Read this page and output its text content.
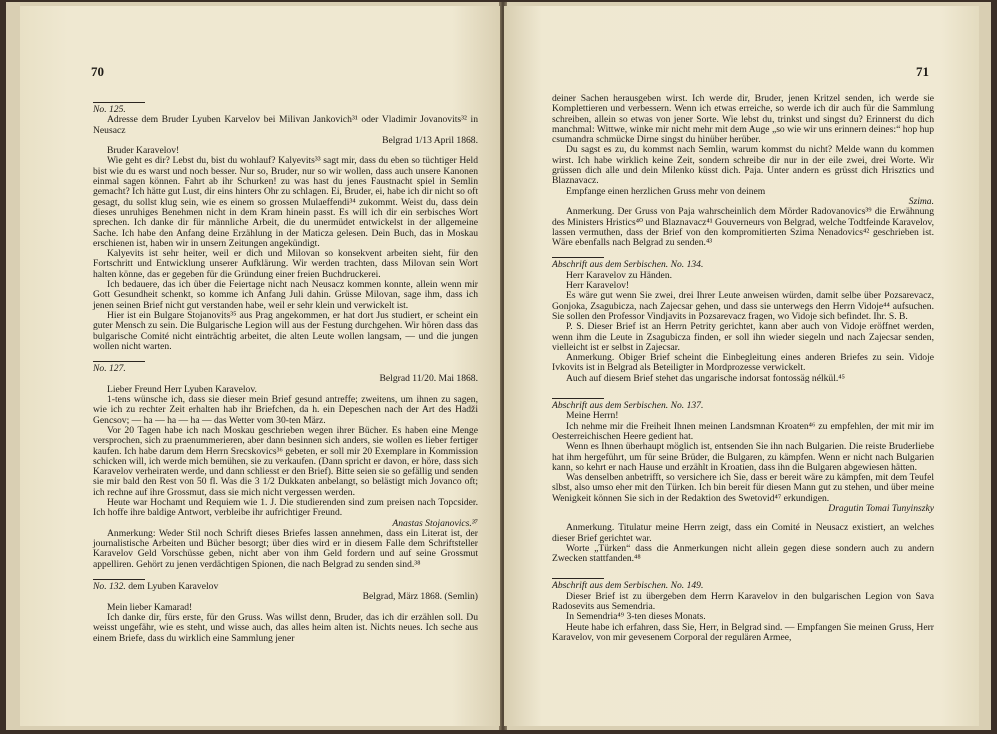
70

No. 125.

Adresse dem Bruder Lyuben Karvelov bei Milivan Jankovich³¹ oder Vladimir Jovanovits³² in Neusacz

Belgrad 1/13 April 1868.

Bruder Karavelov!

Wie geht es dir? Lebst du, bist du wohlauf? Kalyevits³³ sagt mir, dass du eben so tüchtiger Held bist wie du es warst und noch besser. Nur so, Bruder, nur so wir wollen, dass auch unsere Kanonen einmal sagen können. Fahrt ab ihr Schurken! zu was hast du jenes Faustnacht spiel in Semlin gemacht? Ich hätte gut Lust, dir eins hinters Ohr zu schlagen. Ei, Bruder, ei, habe ich dir nicht so oft gesagt, du sollst klug sein, wie es einem so grossen Mulaeffendi³⁴ zukommt. Weist du, dass dein dieses unruhiges Benehmen nicht in dem Kram hinein passt. Es will ich dir ein serbisches Wort sprechen. Ich danke dir für männliche Arbeit, die du unermüdet entwickelst in der allgemeine Sache. Ich habe den Anfang deine Erzählung in der Maticza gelesen. Dein Buch, das in Moskau erschienen ist, haben wir in unsern Zeitungen angekündigt.

Kalyevits ist sehr heiter, weil er dich und Milovan so konsekvent arbeiten sieht, für den Fortschritt und Entwicklung unserer Aufklärung. Wir werden trachten, dass Milovan sein Wort halten könne, das er gegeben für die Gründung einer freien Buchdruckerei.

Ich bedauere, das ich über die Feiertage nicht nach Neusacz kommen konnte, allein wenn mir Gott Gesundheit schenkt, so komme ich Anfang Juli dahin. Grüsse Milovan, sage ihm, dass ich jenen seinen Brief nicht gut verstanden habe, weil er sehr klein und verwickelt ist.

Hier ist ein Bulgare Stojanovits³⁵ aus Prag angekommen, er hat dort Jus studiert, er scheint ein guter Mensch zu sein. Die Bulgarische Legion will aus der Festung durchgehen. Wir hören dass das bulgarische Comité nicht einträchtig arbeitet, die alten Leute wollen langsam, — und die jungen wollen nicht warten.

No. 127.

Belgrad 11/20. Mai 1868.

Lieber Freund Herr Lyuben Karavelov.

1-tens wünsche ich, dass sie dieser mein Brief gesund antreffe; zweitens, um ihnen zu sagen, wie ich zu rechter Zeit erhalten hab ihr Briefchen, da h. ein Depeschen nach der Art des Hadži Gencsov; — ha — ha — ha — das Wetter vom 30-ten März.

Vor 20 Tagen habe ich nach Moskau geschrieben wegen ihrer Bücher. Es haben eine Menge versprochen, sich zu praenummerieren, aber dann besinnen sich anders, sie wollen es lieber fertiger kaufen. Ich habe darum dem Herrn Srecskovics³⁶ gebeten, er soll mir 20 Exemplare in Kommission schicken will, ich werde mich bemühen, sie zu verkaufen. (Dann spricht er davon, er höre, dass sich Karavelov verheiraten werde, und dann schliesst er den Brief). Bitte seien sie so gefällig und senden sie mir bald den Rest von 50 fl. Was die 3 1/2 Dukkaten anbelangt, so belästigt mich Jovanco oft; ich rechne auf ihre Grossmut, dass sie mich nicht vergessen werden.

Heute war Hochamt und Requiem wie 1. J. Die studierenden sind zum preisen nach Topcsider. Ich hoffe ihre baldige Antwort, verbleibe ihr aufrichtiger Freund.

Anastas Stojanovics.³⁷

Anmerkung: Weder Stil noch Schrift dieses Briefes lassen annehmen, dass ein Literat ist, der journalistische Arbeiten und Bücher besorgt; über dies wird er in diesem Falle dem Schriftsteller Karavelov Geld Vorschüsse geben, nicht aber von ihm Geld fordern und auf seine Grossmut appelliren. Gehört zu jenen verdächtigen Spionen, die nach Belgrad zu senden sind.³⁸

No. 132. dem Lyuben Karavelov

Belgrad, März 1868. (Semlin)

Mein lieber Kamarad!

Ich danke dir, fürs erste, für den Gruss. Was willst denn, Bruder, das ich dir erzählen soll. Du weisst ungefähr, wie es steht, und wisse auch, das alles heim alten ist. Nichts neues. Ich seche aus einem Briefe, dass du wirklich eine Sammlung jener

71

deiner Sachen herausgeben wirst. Ich werde dir, Bruder, jenen Kritzel senden, ich werde sie Komplettieren und verbessern. Wenn ich etwas erreiche, so werde ich dir auch für die Sammlung schreiben, allein so etwas von jener Sorte. Wie lebst du, trinkst und singst du? Erinnerst du dich manchmal: Wittwe, winke mir nicht mehr mit dem Auge „so wie wir uns erinnern deines:“ hop hup csumandra schmücke Dirne singst du hinüber herüber.

Du sagst es zu, du kommst nach Semlin, warum kommst du nicht? Melde wann du kommen wirst. Ich habe wirklich keine Zeit, sondern schreibe dir nur in der eile zwei, drei Worte. Wir grüssen dich alle und dein Milenko küsst dich. Paja. Unter andern es grüsst dich Hrisztics und Blaznavacz.

Empfange einen herzlichen Gruss mehr von deinem

Szima.

Anmerkung. Der Gruss von Paja wahrscheinlich dem Mörder Radovanovics³⁹ die Erwähnung des Ministers Hristics⁴⁰ und Blaznavacz⁴¹ Gouverneurs von Belgrad, welche Todtfeinde Karavelov, lassen vermuthen, dass der Brief von den kompromitierten Szima Nenadovics⁴² geschrieben ist. Wäre ebenfalls nach Belgrad zu senden.⁴³

Abschrift aus dem Serbischen. No. 134.

Herr Karavelov zu Händen.

Herr Karavelov!

Es wäre gut wenn Sie zwei, drei Ihrer Leute anweisen würden, damit selbe über Pozsarevacz, Gonjoka, Zsagubicza, nach Zajecsar gehen, und dass sie unterwegs den Herrn Vidoje⁴⁴ aufsuchen. Sie sollen den Professor Vindjavits in Pozsarevacz fragen, wo Vidoje sich befindet. Ihr. S. B.

P. S. Dieser Brief ist an Herrn Petrity gerichtet, kann aber auch von Vidoje eröffnet werden, wenn ihm die Leute in Zsagubicza finden, er soll ihn wieder siegeln und nach Zajecsar senden, vielleicht ist er selbst in Zajecsar.

Anmerkung. Obiger Brief scheint die Einbegleitung eines anderen Briefes zu sein. Vidoje Ivkovits ist in Belgrad als Beteiligter in Mordprozesse verwickelt.

Auch auf diesem Brief stehet das ungarische indorsat fontossäg nélkül.⁴⁵

Abschrift aus dem Serbischen. No. 137.

Meine Herrn!

Ich nehme mir die Freiheit Ihnen meinen Landsmnan Kroaten⁴⁶ zu empfehlen, der mit mir im Oesterreichischen Heere gedient hat.

Wenn es Ihnen überhaupt möglich ist, entsenden Sie ihn nach Bulgarien. Die reiste Bruderliebe hat ihm hergeführt, um für seine Brüder, die Bulgaren, zu kämpfen. Wenn er nicht nach Bulgarien kann, so kehrt er nach Hause und erzählt in Kroatien, dass ihn die Bulgaren abgewiesen hätten.

Was denselben anbetrifft, so versichere ich Sie, dass er bereit wäre zu kämpfen, mit dem Teufel slbst, also umso eher mit den Türken. Ich bin bereit für diesen Mann gut zu stehen, und über meine Wenigkeit können Sie sich in der Redaktion des Swetovid⁴⁷ erkundigen.

Dragutin Tomai Tunyinszky

Anmerkung. Titulatur meine Herrn zeigt, dass ein Comité in Neusacz existiert, an welches dieser Brief gerichtet war.

Worte „Türken“ dass die Anmerkungen nicht allein gegen diese sondern auch zu andern Zwecken stattfanden.⁴⁸

Abschrift aus dem Serbischen. No. 149.

Dieser Brief ist zu übergeben dem Herrn Karavelov in den bulgarischen Legion von Sava Radosevits aus Semendria.

In Semendria⁴⁹ 3-ten dieses Monats.

Heute habe ich erfahren, dass Sie, Herr, in Belgrad sind. — Empfangen Sie meinen Gruss, Herr Karavelov, von mir gevesenem Corporal der regulären Armee,
